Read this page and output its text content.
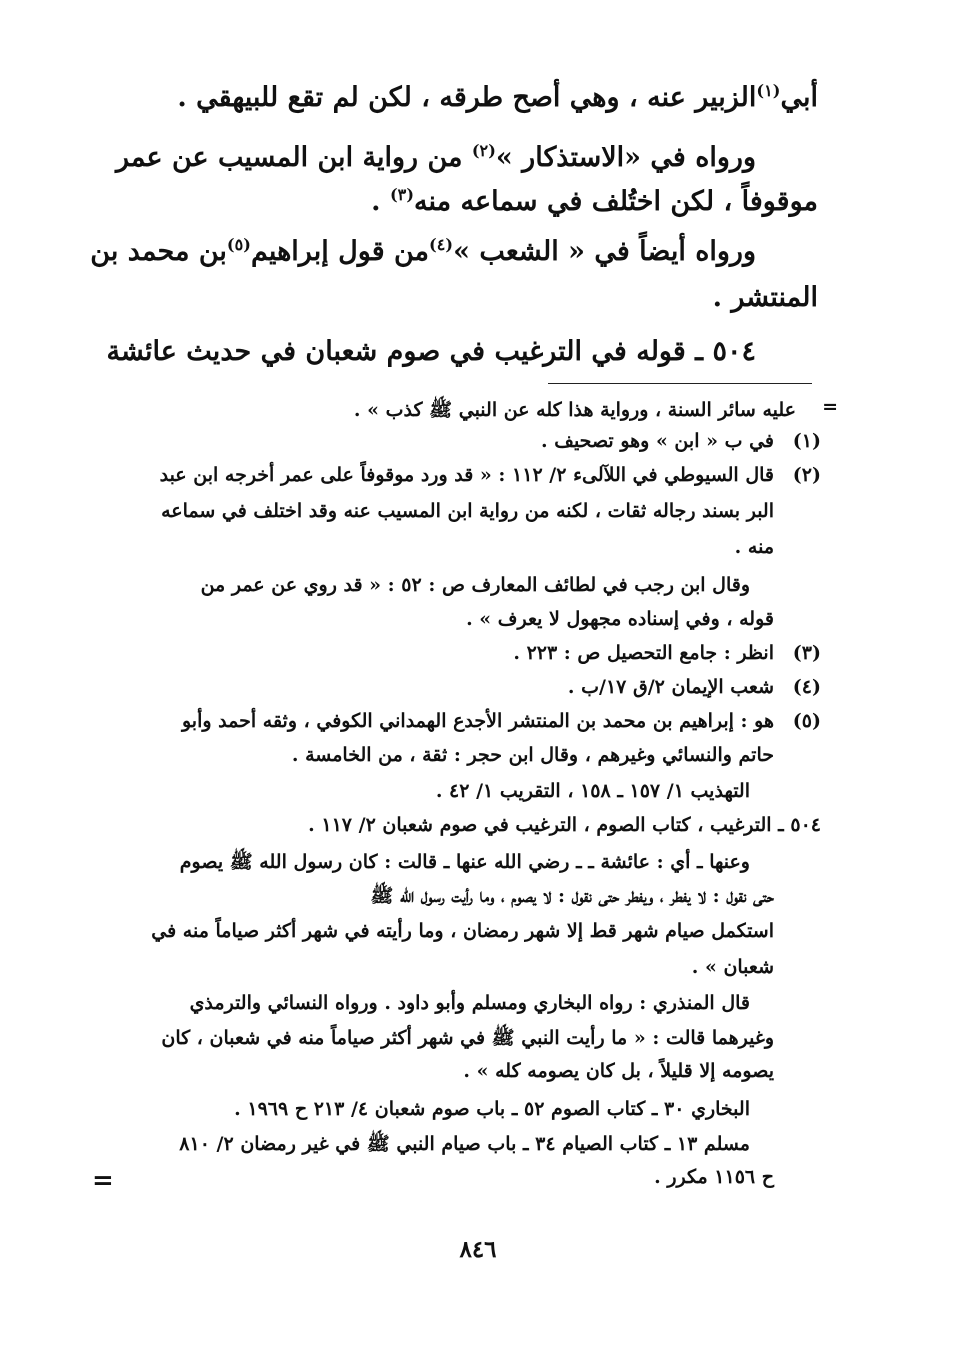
أبي$^{(١)}$الزبير عنه ، وهي أصح طرقه ، لكن لم تقع للبيهقي .
ورواه في «الاستذكار »$^{(٢)}$ من رواية ابن المسيب عن عمر
موقوفاً ، لكن اختُلف في سماعه منه$^{(٣)}$ .
ورواه أيضاً في « الشعب »$^{(٤)}$من قول إبراهيم$^{(٥)}$بن محمد بن
المنتشر .
٥٠٤ ـ قوله في الترغيب في صوم شعبان في حديث عائشة
=
عليه سائر السنة ، ورواية هذا كله عن النبي ﷺ كذب » .
(١)
في ب « ابن » وهو تصحيف .
(٢)
قال السيوطي في اللآلىء ٢/ ١١٢ : « قد ورد موقوفاً على عمر أخرجه ابن عبد
البر بسند رجاله ثقات ، لكنه من رواية ابن المسيب عنه وقد اختلف في سماعه
منه .
وقال ابن رجب في لطائف المعارف ص : ٥٢ : « قد روي عن عمر من
قوله ، وفي إسناده مجهول لا يعرف » .
(٣)
انظر : جامع التحصيل ص : ٢٢٣ .
(٤)
شعب الإيمان ٢/ق ١٧/ب .
(٥)
هو : إبراهيم بن محمد بن المنتشر الأجدع الهمداني الكوفي ، وثقه أحمد وأبو
حاتم والنسائي وغيرهم ، وقال ابن حجر : ثقة ، من الخامسة .
التهذيب ١/ ١٥٧ ـ ١٥٨ ، التقريب ١/ ٤٢ .
٥٠٤ ـ الترغيب ، كتاب الصوم ، الترغيب في صوم شعبان ٢/ ١١٧ .
وعنها ـ أي : عائشة ـ ـ رضي الله عنها ـ قالت : كان رسول الله ﷺ يصوم
حتى نقول : لا يفطر ، ويفطر حتى نقول : لا يصوم ، وما رأيت رسول الله ﷺ
استكمل صيام شهر قط إلا شهر رمضان ، وما رأيته في شهر أكثر صياماً منه في
شعبان » .
قال المنذري : رواه البخاري ومسلم وأبو داود . ورواه النسائي والترمذي
وغيرهما قالت : « ما رأيت النبي ﷺ في شهر أكثر صياماً منه في شعبان ، كان
يصومه إلا قليلاً ، بل كان يصومه كله » .
البخاري ٣٠ ـ كتاب الصوم ٥٢ ـ باب صوم شعبان ٤/ ٢١٣ ح ١٩٦٩ .
مسلم ١٣ ـ كتاب الصيام ٣٤ ـ باب صيام النبي ﷺ في غير رمضان ٢/ ٨١٠
ح ١١٥٦ مكرر .
=
٨٤٦
